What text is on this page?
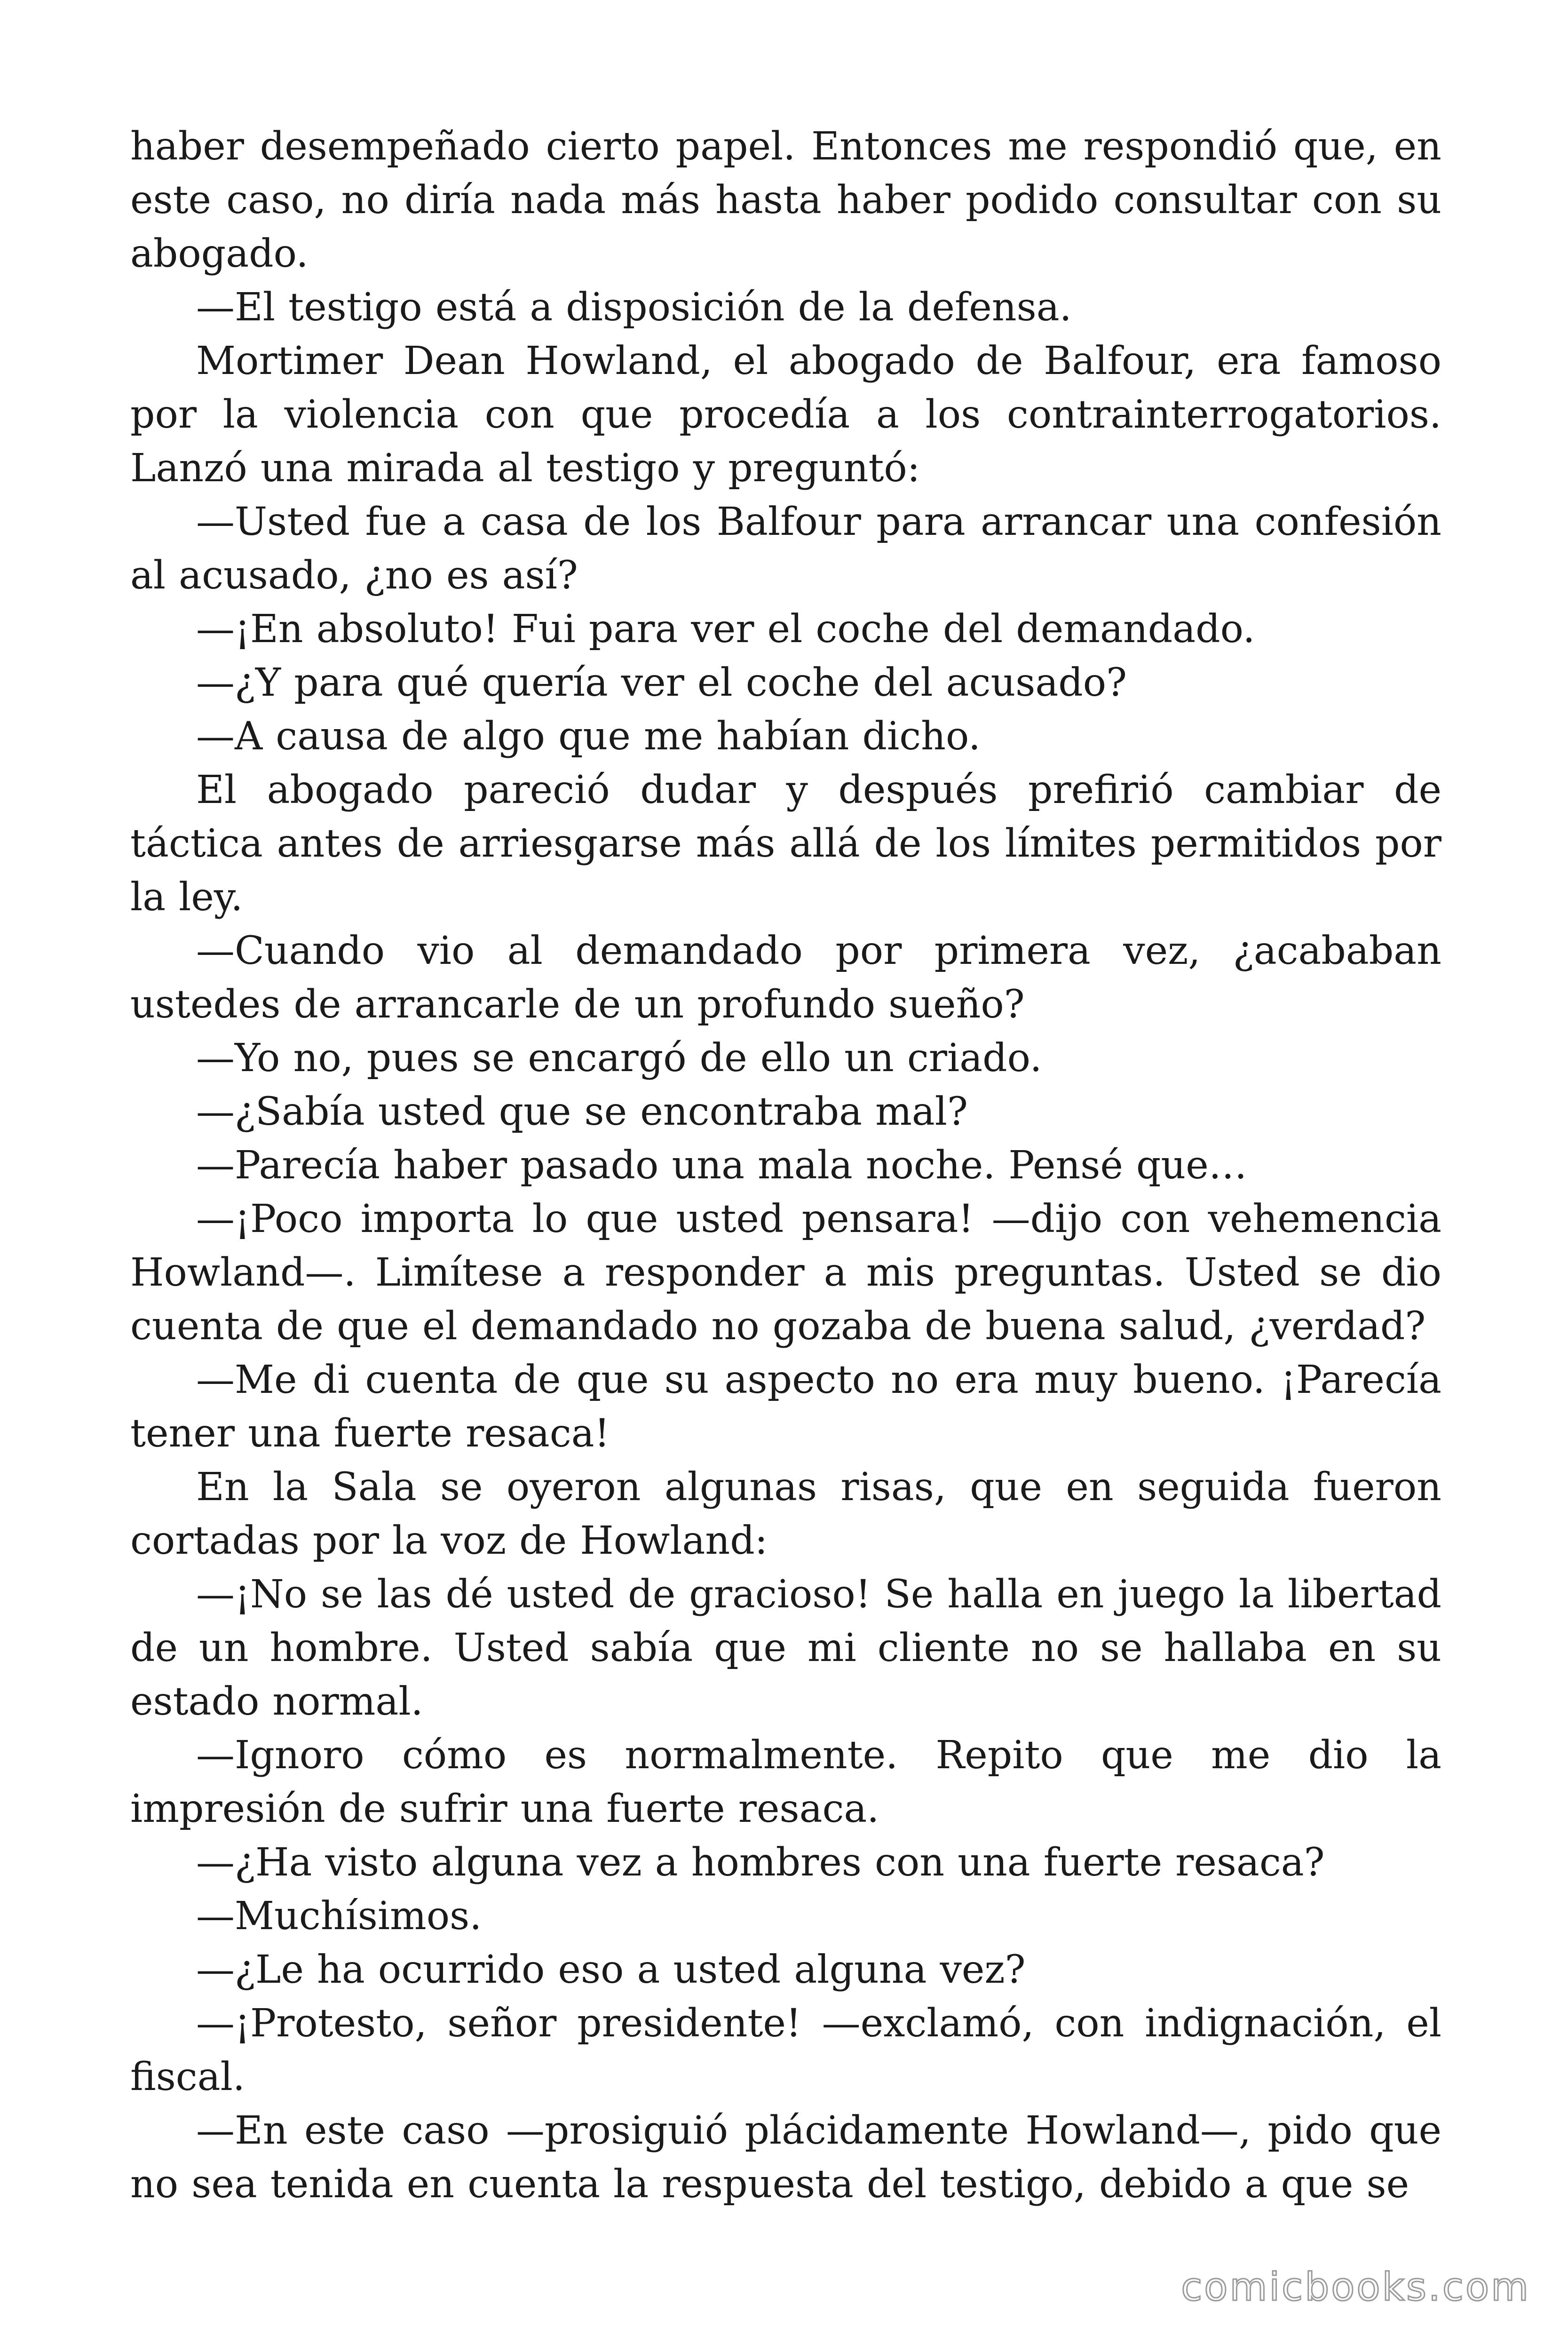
haber desempeñado cierto papel. Entonces me respondió que, en este caso, no diría nada más hasta haber podido consultar con su abogado.

—El testigo está a disposición de la defensa.

Mortimer Dean Howland, el abogado de Balfour, era famoso por la violencia con que procedía a los contrainterrogatorios. Lanzó una mirada al testigo y preguntó:

—Usted fue a casa de los Balfour para arrancar una confesión al acusado, ¿no es así?

—¡En absoluto! Fui para ver el coche del demandado.

—¿Y para qué quería ver el coche del acusado?

—A causa de algo que me habían dicho.

El abogado pareció dudar y después prefirió cambiar de táctica antes de arriesgarse más allá de los límites permitidos por la ley.

—Cuando vio al demandado por primera vez, ¿acababan ustedes de arrancarle de un profundo sueño?

—Yo no, pues se encargó de ello un criado.

—¿Sabía usted que se encontraba mal?

—Parecía haber pasado una mala noche. Pensé que…

—¡Poco importa lo que usted pensara! —dijo con vehemencia Howland—. Limítese a responder a mis preguntas. Usted se dio cuenta de que el demandado no gozaba de buena salud, ¿verdad?

—Me di cuenta de que su aspecto no era muy bueno. ¡Parecía tener una fuerte resaca!

En la Sala se oyeron algunas risas, que en seguida fueron cortadas por la voz de Howland:

—¡No se las dé usted de gracioso! Se halla en juego la libertad de un hombre. Usted sabía que mi cliente no se hallaba en su estado normal.

—Ignoro cómo es normalmente. Repito que me dio la impresión de sufrir una fuerte resaca.

—¿Ha visto alguna vez a hombres con una fuerte resaca?

—Muchísimos.

—¿Le ha ocurrido eso a usted alguna vez?

—¡Protesto, señor presidente! —exclamó, con indignación, el fiscal.

—En este caso —prosiguió plácidamente Howland—, pido que no sea tenida en cuenta la respuesta del testigo, debido a que se

comicbooks.com
